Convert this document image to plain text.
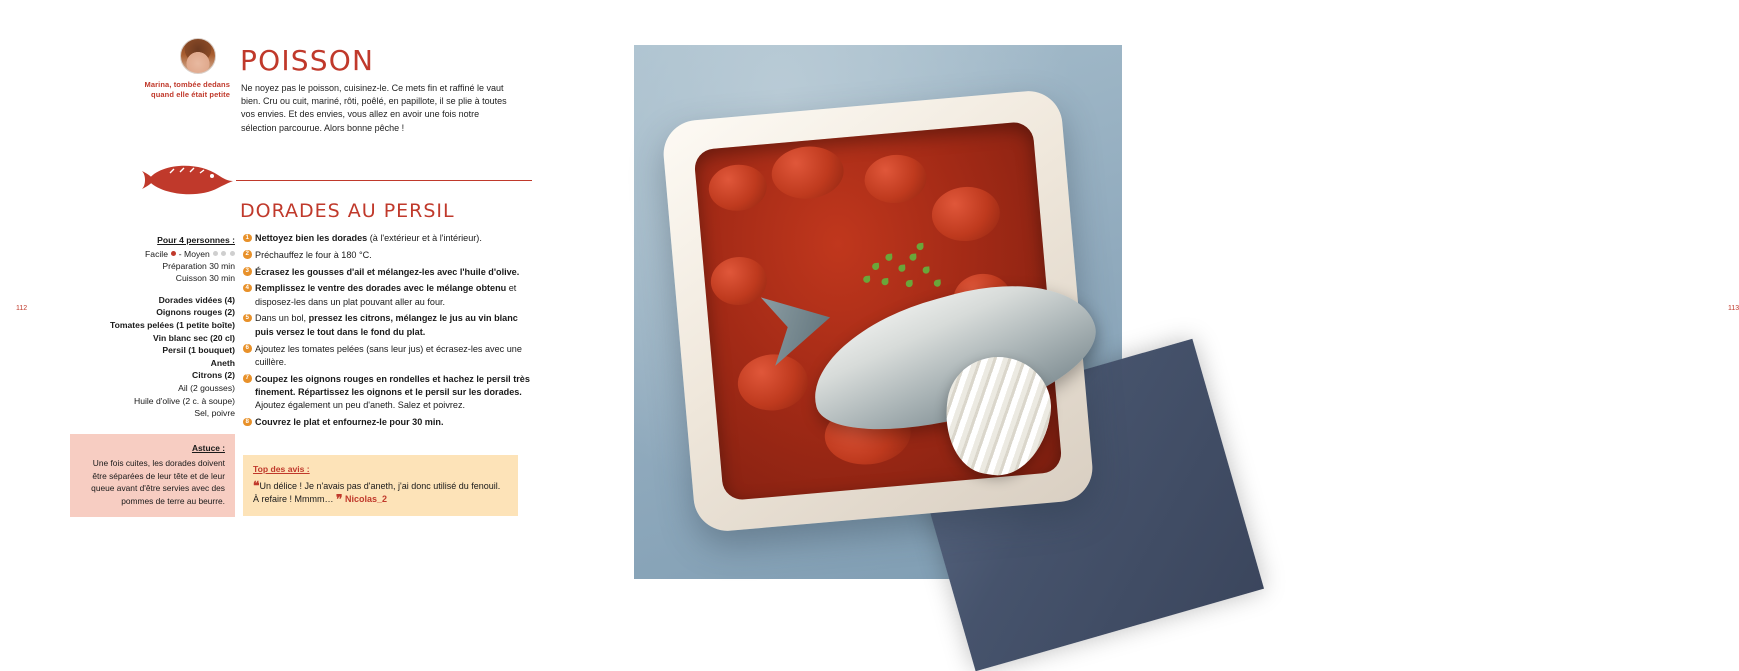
112
Marina, tombée dedans quand elle était petite
POISSON
Ne noyez pas le poisson, cuisinez-le. Ce mets fin et raffiné le vaut bien. Cru ou cuit, mariné, rôti, poêlé, en papillote, il se plie à toutes vos envies. Et des envies, vous allez en avoir une fois notre sélection parcourue. Alors bonne pêche !
DORADES AU PERSIL
Pour 4 personnes :
Facile - Moyen
Préparation 30 min
Cuisson 30 min
Dorades vidées (4)
Oignons rouges (2)
Tomates pelées (1 petite boîte)
Vin blanc sec (20 cl)
Persil (1 bouquet)
Aneth
Citrons (2)
Ail (2 gousses)
Huile d'olive (2 c. à soupe)
Sel, poivre
1 Nettoyez bien les dorades (à l'extérieur et à l'intérieur).
2 Préchauffez le four à 180 °C.
3 Écrasez les gousses d'ail et mélangez-les avec l'huile d'olive.
4 Remplissez le ventre des dorades avec le mélange obtenu et disposez-les dans un plat pouvant aller au four.
5 Dans un bol, pressez les citrons, mélangez le jus au vin blanc puis versez le tout dans le fond du plat.
6 Ajoutez les tomates pelées (sans leur jus) et écrasez-les avec une cuillère.
7 Coupez les oignons rouges en rondelles et hachez le persil très finement. Répartissez les oignons et le persil sur les dorades. Ajoutez également un peu d'aneth. Salez et poivrez.
8 Couvrez le plat et enfournez-le pour 30 min.
Astuce :
Une fois cuites, les dorades doivent être séparées de leur tête et de leur queue avant d'être servies avec des pommes de terre au beurre.
Top des avis :
❝Un délice ! Je n'avais pas d'aneth, j'ai donc utilisé du fenouil. À refaire ! Mmmm… ❞ Nicolas_2
113
